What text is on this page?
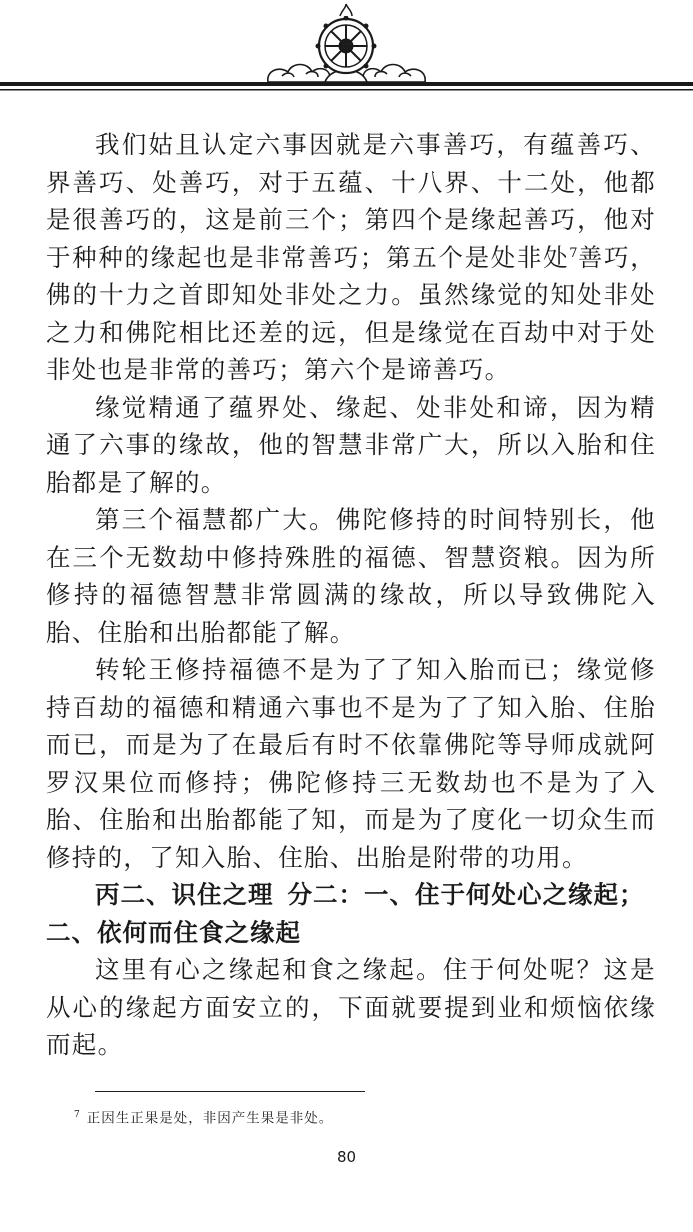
我们姑且认定六事因就是六事善巧，有蕴善巧、界善巧、处善巧，对于五蕴、十八界、十二处，他都是很善巧的，这是前三个；第四个是缘起善巧，他对于种种的缘起也是非常善巧；第五个是处非处$^7$善巧，佛的十力之首即知处非处之力。虽然缘觉的知处非处之力和佛陀相比还差的远，但是缘觉在百劫中对于处非处也是非常的善巧；第六个是谛善巧。

缘觉精通了蕴界处、缘起、处非处和谛，因为精通了六事的缘故，他的智慧非常广大，所以入胎和住胎都是了解的。

第三个福慧都广大。佛陀修持的时间特别长，他在三个无数劫中修持殊胜的福德、智慧资粮。因为所修持的福德智慧非常圆满的缘故，所以导致佛陀入胎、住胎和出胎都能了解。

转轮王修持福德不是为了了知入胎而已；缘觉修持百劫的福德和精通六事也不是为了了知入胎、住胎而已，而是为了在最后有时不依靠佛陀等导师成就阿罗汉果位而修持；佛陀修持三无数劫也不是为了入胎、住胎和出胎都能了知，而是为了度化一切众生而修持的，了知入胎、住胎、出胎是附带的功用。

丙二、识住之理 分二：一、住于何处心之缘起；二、依何而住食之缘起

这里有心之缘起和食之缘起。住于何处呢？这是从心的缘起方面安立的，下面就要提到业和烦恼依缘而起。

$^7$ 正因生正果是处，非因产生果是非处。
80
